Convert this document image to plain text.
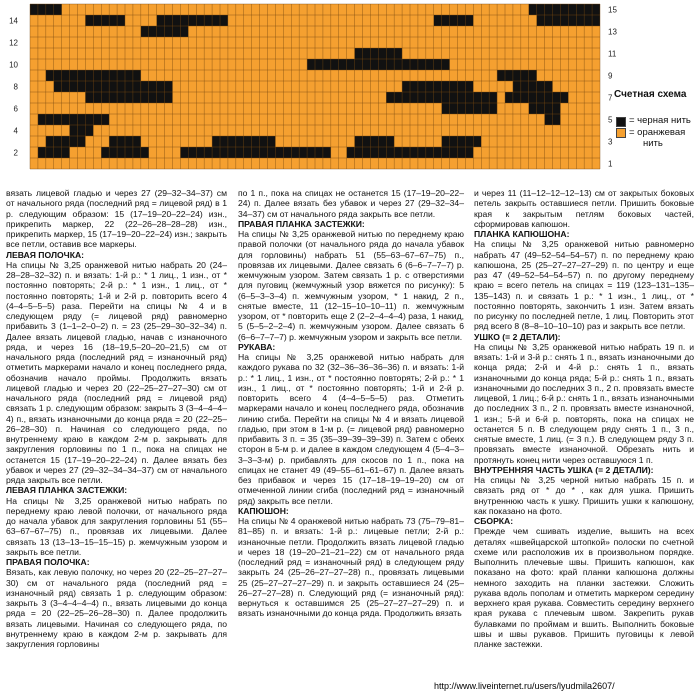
2
4
6
8
10
12
14
1
3
5
7
9
11
13
15
Счетная схема
= черная нить
= оранжевая
нить

вязать лицевой гладью и через 27 (29–32–34–37) см от начального ряда (последний ряд = лицевой ряд) в 1 р. следующим образом: 15 (17–19–20–22–24) изн., прикрепить маркер, 22 (22–26–28–28–28) изн., прикрепить маркер, 15 (17–19–20–22–24) изн.; закрыть все петли, оставив все маркеры.

ЛЕВАЯ ПОЛОЧКА:

На спицы № 3,25 оранжевой нитью набрать 20 (24–28–28–32–32) п. и вязать: 1-й р.: * 1 лиц., 1 изн., от * постоянно повторять; 2-й р.: * 1 изн., 1 лиц., от * постоянно повторять; 1-й и 2-й р. повторить всего 4 (4–4–5–5–5) раза. Перейти на спицы № 4 и в следующем ряду (= лицевой ряд) равномерно прибавить 3 (1–1–2–0–2) п. = 23 (25–29–30–32–34) п. Далее вязать лицевой гладью, начав с изнаночного ряда, и через 16 (18–19,5–20–20–21,5) см от начального ряда (последний ряд = изнаночный ряд) отметить маркерами начало и конец последнего ряда, обозначив начало проймы. Продолжить вязать лицевой гладью и через 20 (22–25–27–27–30) см от начального ряда (последний ряд = лицевой ряд) связать 1 р. следующим образом: закрыть 3 (3–4–4–4–4) п., вязать изнаночными до конца ряда = 20 (22–25–26–28–30) п. Начиная со следующего ряда, по внутреннему краю в каждом 2-м р. закрывать для закругления горловины по 1 п., пока на спицах не останется 15 (17–19–20–22–24) п. Далее вязать без убавок и через 27 (29–32–34–34–37) см от начального ряда закрыть все петли.

ЛЕВАЯ ПЛАНКА ЗАСТЕЖКИ:

На спицы № 3,25 оранжевой нитью набрать по переднему краю левой полочки, от начального ряда до начала убавок для закругления горловины 51 (55–63–67–67–75) п., провязав их лицевыми. Далее связать 13 (13–13–15–15–15) р. жемчужным узором и закрыть все петли.

ПРАВАЯ ПОЛОЧКА:

Вязать, как левую полочку, но через 20 (22–25–27–27–30) см от начального ряда (последний ряд = изнаночный ряд) связать 1 р. следующим образом: закрыть 3 (3–4–4–4–4) п., вязать лицевыми до конца ряда = 20 (22–25–26–28–30) п. Далее продолжить вязать лицевыми. Начиная со следующего ряда, по внутреннему краю в каждом 2-м р. закрывать для закругления горловины

по 1 п., пока на спицах не останется 15 (17–19–20–22–24) п. Далее вязать без убавок и через 27 (29–32–34–34–37) см от начального ряда закрыть все петли.

ПРАВАЯ ПЛАНКА ЗАСТЕЖКИ:

На спицы № 3,25 оранжевой нитью по переднему краю правой полочки (от начального ряда до начала убавок для горловины) набрать 51 (55–63–67–67–75) п., провязав их лицевыми. Далее связать 6 (6–6–7–7–7) р. жемчужным узором. Затем связать 1 р. с отверстиями для пуговиц (жемчужный узор вяжется по рисунку): 5 (6–5–3–3–4) п. жемчужным узором, * 1 накид, 2 п., снятые вместе, 11 (12–15–10–10–11) п. жемчужным узором, от * повторить еще 2 (2–2–4–4–4) раза, 1 накид, 5 (5–5–2–2–4) п. жемчужным узором. Далее связать 6 (6–6–7–7–7) р. жемчужным узором и закрыть все петли.

РУКАВА:

На спицы № 3,25 оранжевой нитью набрать для каждого рукава по 32 (32–36–36–36–36) п. и вязать: 1-й р.: * 1 лиц., 1 изн., от * постоянно повторять; 2-й р.: * 1 изн., 1 лиц., от * постоянно повторять; 1-й и 2-й р. повторить всего 4 (4–4–5–5–5) раз. Отметить маркерами начало и конец последнего ряда, обозначив линию сгиба. Перейти на спицы № 4 и вязать лицевой гладью, при этом в 1-м р. (= лицевой ряд) равномерно прибавить 3 п. = 35 (35–39–39–39–39) п. Затем с обеих сторон в 5-м р. и далее в каждом следующем 4 (5–4–3–3–3–3-м) р. прибавлять для скосов по 1 п., пока на спицах не станет 49 (49–55–61–61–67) п. Далее вязать без прибавок и через 15 (17–18–19–19–20) см от отмеченной линии сгиба (последний ряд = изнаночный ряд) закрыть все петли.

КАПЮШОН:

На спицы № 4 оранжевой нитью набрать 73 (75–79–81–81–85) п. и вязать: 1-й р.: лицевые петли; 2-й р.: изнаночные петли. Продолжить вязать лицевой гладью и через 18 (19–20–21–21–22) см от начального ряда (последний ряд = изнаночный ряд) в следующем ряду закрыть 24 (25–26–27–27–28) п., провязать лицевыми 25 (25–27–27–27–29) п. и закрыть оставшиеся 24 (25–26–27–27–28) п. Следующий ряд (= изнаночный ряд): вернуться к оставшимся 25 (25–27–27–27–29) п. и вязать изнаночными до конца ряда. Продолжить вязать

и через 11 (11–12–12–12–13) см от закрытых боковых петель закрыть оставшиеся петли. Пришить боковые края к закрытым петлям боковых частей, сформировав капюшон.

ПЛАНКА КАПЮШОНА:

На спицы № 3,25 оранжевой нитью равномерно набрать 47 (49–52–54–54–57) п. по переднему краю капюшона, 25 (25–27–27–27–29) п. по центру и еще раз 47 (49–52–54–54–57) п. по другому переднему краю = всего петель на спицах = 119 (123–131–135–135–143) п. и связать 1 р.: * 1 изн., 1 лиц., от * постоянно повторять, закончить 1 изн. Затем вязать по рисунку по последней петле, 1 лиц. Повторить этот ряд всего 8 (8–8–10–10–10) раз и закрыть все петли.

УШКО (= 2 ДЕТАЛИ):

На спицы № 3,25 оранжевой нитью набрать 19 п. и вязать: 1-й и 3-й р.: снять 1 п., вязать изнаночными до конца ряда; 2-й и 4-й р.: снять 1 п., вязать изнаночными до конца ряда; 5-й р.: снять 1 п., вязать изнаночными до последних 3 п., 2 п. провязать вместе лицевой, 1 лиц.; 6-й р.: снять 1 п., вязать изнаночными до последних 3 п., 2 п. провязать вместе изнаночной, 1 изн.; 5-й и 6-й р. повторять, пока на спицах не останется 5 п. В следующем ряду снять 1 п., 3 п., снятые вместе, 1 лиц. (= 3 п.). В следующем ряду 3 п. провязать вместе изнаночной. Обрезать нить и протянуть конец нити через оставшуюся 1 п.

ВНУТРЕННЯЯ ЧАСТЬ УШКА (= 2 ДЕТАЛИ):

На спицы № 3,25 черной нитью набрать 15 п. и связать ряд от * до * , как для ушка. Пришить внутреннюю часть к ушку. Пришить ушки к капюшону, как показано на фото.

СБОРКА:

Прежде чем сшивать изделие, вышить на всех деталях «швейцарской штопкой» полоски по счетной схеме или расположив их в произвольном порядке. Выполнить плечевые швы. Пришить капюшон, как показано на фото: край планки капюшона должны немного заходить на планки застежки. Сложить рукава вдоль пополам и отметить маркером середину верхнего края рукава. Совместить середину верхнего края рукава с плечевым швом. Закрепить рукав булавками по проймам и вшить. Выполнить боковые швы и швы рукавов. Пришить пуговицы к левой планке застежки.

http://www.liveinternet.ru/users/lyudmila2607/
